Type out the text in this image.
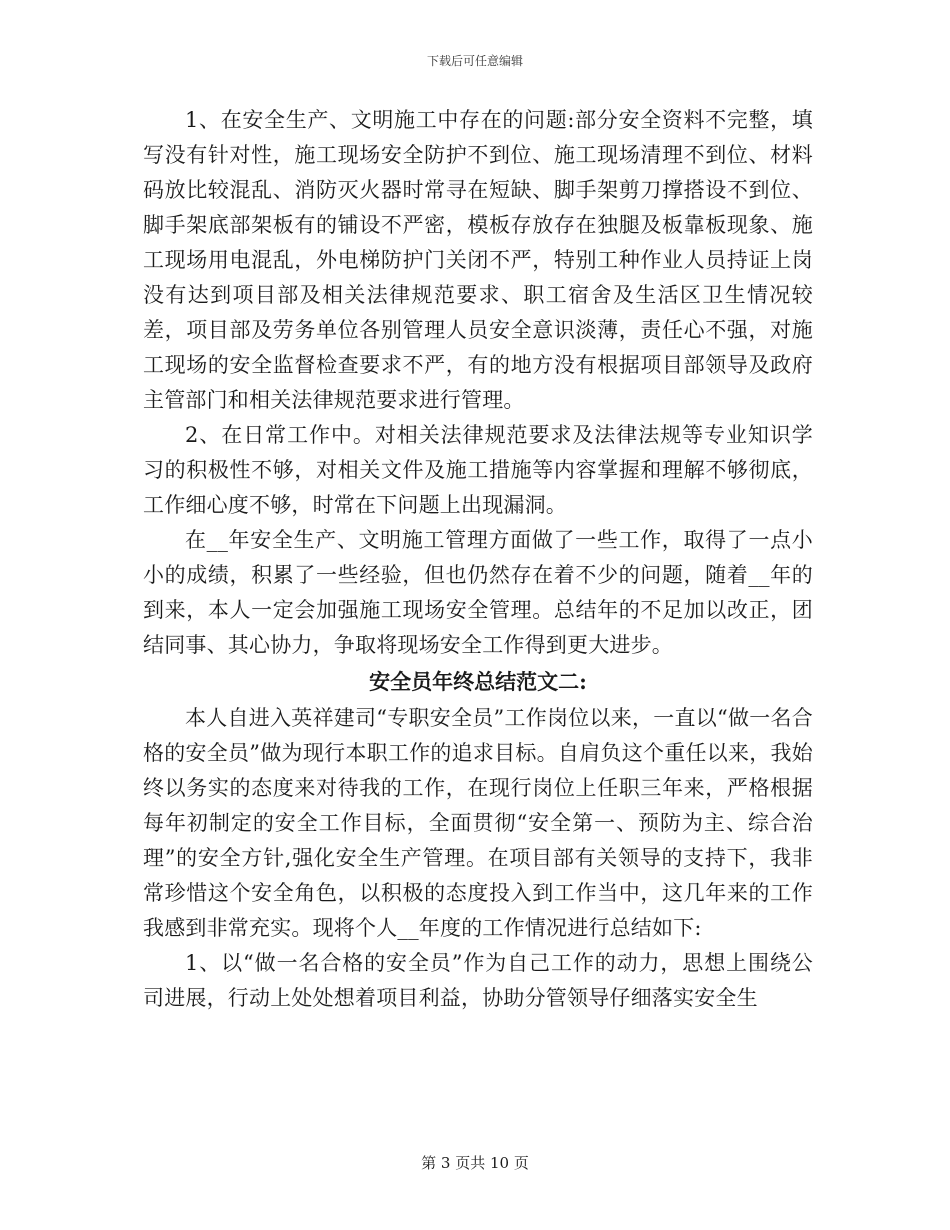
下载后可任意编辑

1、在安全生产、文明施工中存在的问题:部分安全资料不完整，填写没有针对性，施工现场安全防护不到位、施工现场清理不到位、材料码放比较混乱、消防灭火器时常寻在短缺、脚手架剪刀撑搭设不到位、脚手架底部架板有的铺设不严密，模板存放存在独腿及板靠板现象、施工现场用电混乱，外电梯防护门关闭不严，特别工种作业人员持证上岗没有达到项目部及相关法律规范要求、职工宿舍及生活区卫生情况较差，项目部及劳务单位各别管理人员安全意识淡薄，责任心不强，对施工现场的安全监督检查要求不严，有的地方没有根据项目部领导及政府主管部门和相关法律规范要求进行管理。

2、在日常工作中。对相关法律规范要求及法律法规等专业知识学习的积极性不够，对相关文件及施工措施等内容掌握和理解不够彻底，工作细心度不够，时常在下问题上出现漏洞。

在__年安全生产、文明施工管理方面做了一些工作，取得了一点小小的成绩，积累了一些经验，但也仍然存在着不少的问题，随着__年的到来，本人一定会加强施工现场安全管理。总结年的不足加以改正，团结同事、其心协力，争取将现场安全工作得到更大进步。

安全员年终总结范文二:

本人自进入英祥建司“专职安全员”工作岗位以来，一直以“做一名合格的安全员”做为现行本职工作的追求目标。自肩负这个重任以来，我始终以务实的态度来对待我的工作，在现行岗位上任职三年来，严格根据每年初制定的安全工作目标，全面贯彻“安全第一、预防为主、综合治理”的安全方针,强化安全生产管理。在项目部有关领导的支持下，我非常珍惜这个安全角色，以积极的态度投入到工作当中，这几年来的工作我感到非常充实。现将个人__年度的工作情况进行总结如下:

1、以“做一名合格的安全员”作为自己工作的动力，思想上围绕公司进展，行动上处处想着项目利益，协助分管领导仔细落实安全生

第 3 页共 10 页
